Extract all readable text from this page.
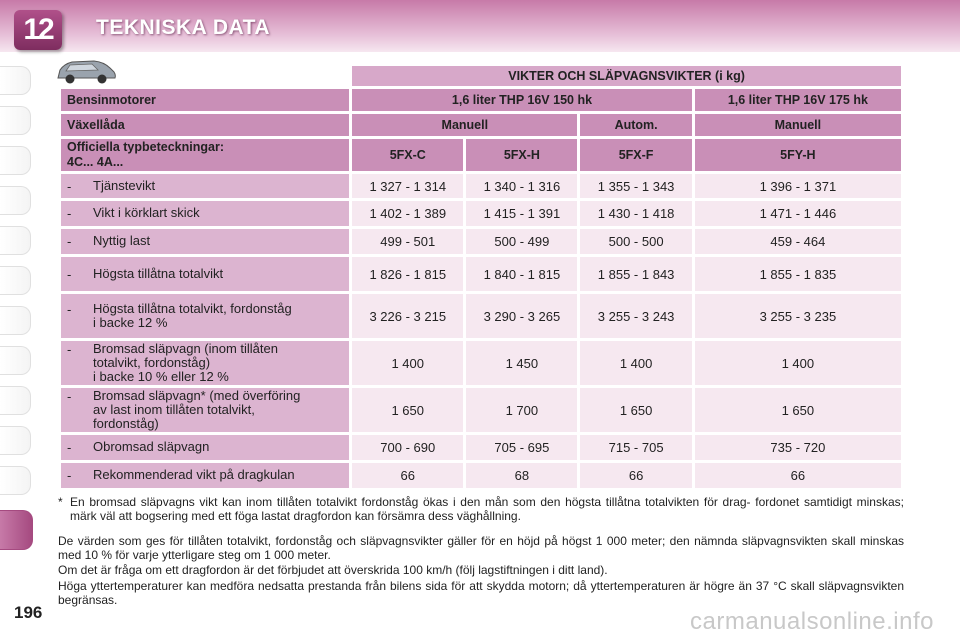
12	TEKNISKA DATA
	VIKTER OCH SLÄPVAGNSVIKTER (i kg)			
Bensinmotorer	1,6 liter THP 16V 150 hk			1,6 liter THP 16V 175 hk
Växellåda	Manuell		Autom.	Manuell
Officiella typbeteckningar:
4C... 4A...	5FX-C	5FX-H	5FX-F	5FY-H

- Tjänstevikt	1 327 - 1 314	1 340 - 1 316	1 355 - 1 343	1 396 - 1 371

- Vikt i körklart skick	1 402 - 1 389	1 415 - 1 391	1 430 - 1 418	1 471 - 1 446

- Nyttig last	499 - 501	500 - 499	500 - 500	459 - 464

- Högsta tillåtna totalvikt	1 826 - 1 815	1 840 - 1 815	1 855 - 1 843	1 855 - 1 835

- Högsta tillåtna totalvikt, fordonståg
i backe 12 %	3 226 - 3 215	3 290 - 3 265	3 255 - 3 243	3 255 - 3 235

- Bromsad släpvagn (inom tillåten
totalvikt, fordonståg)
i backe 10 % eller 12 %	1 400	1 450	1 400	1 400

- Bromsad släpvagn* (med överföring
av last inom tillåten totalvikt,
fordonståg)	1 650	1 700	1 650	1 650

- Obromsad släpvagn	700 - 690	705 - 695	715 - 705	735 - 720

- Rekommenderad vikt på dragkulan	66	68	66	66
* En bromsad släpvagns vikt kan inom tillåten totalvikt fordonståg ökas i den mån som den högsta tillåtna totalvikten för drag- fordonet samtidigt minskas; märk väl att bogsering med ett föga lastat dragfordon kan försämra dess väghållning.
De värden som ges för tillåten totalvikt, fordonståg och släpvagnsvikter gäller för en höjd på högst 1 000 meter; den nämnda släpvagnsvikten skall minskas med 10 % för varje ytterligare steg om 1 000 meter.
Om det är fråga om ett dragfordon är det förbjudet att överskrida 100 km/h (följ lagstiftningen i ditt land).
Höga yttertemperaturer kan medföra nedsatta prestanda från bilens sida för att skydda motorn; då yttertemperaturen är högre än 37 °C skall släpvagnsvikten begränsas.
196	carmanualsonline.info
